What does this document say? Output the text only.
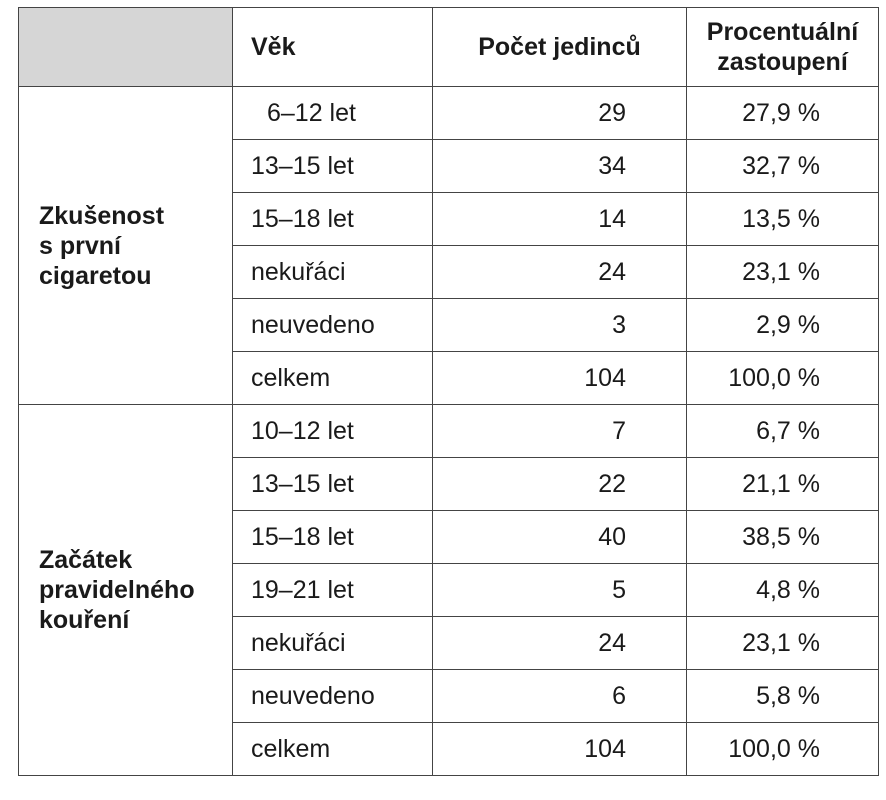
	Věk	Počet jedinců	Procentuální
zastoupení

Zkušenost
s první
cigaretou	6–12 let	29	27,9 %
	13–15 let	34	32,7 %
	15–18 let	14	13,5 %
	nekuřáci	24	23,1 %
	neuvedeno	3	2,9 %
	celkem	104	100,0 %

Začátek
pravidelného
kouření	10–12 let	7	6,7 %
	13–15 let	22	21,1 %
	15–18 let	40	38,5 %
	19–21 let	5	4,8 %
	nekuřáci	24	23,1 %
	neuvedeno	6	5,8 %
	celkem	104	100,0 %
